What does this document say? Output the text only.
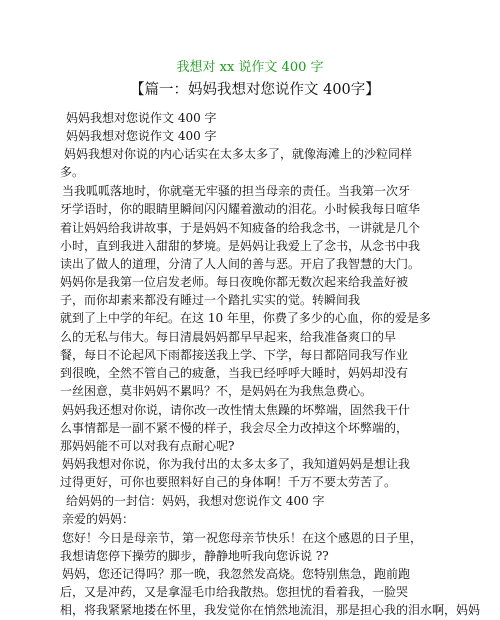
我想对 xx 说作文 400 字
【篇一：妈妈我想对您说作文 400字】
妈妈我想对您说作文 400 字
妈妈我想对您说作文 400 字
妈妈我想对你说的内心话实在太多太多了，就像海滩上的沙粒同样
多。
当我呱呱落地时，你就毫无牢骚的担当母亲的责任。当我第一次牙
牙学语时，你的眼睛里瞬间闪闪耀着激动的泪花。小时候我每日喧华
着让妈妈给我讲故事，于是妈妈不知疲备的给我念书，一讲就是几个
小时，直到我进入甜甜的梦境。是妈妈让我爱上了念书，从念书中我
读出了做人的道理，分清了人人间的善与恶。开启了我智慧的大门。
妈妈你是我第一位启发老师。每日夜晚你都无数次起来给我盖好被
子，而你却素来都没有睡过一个踏扎实实的觉。转瞬间我
就到了上中学的年纪。在这 10 年里，你费了多少的心血，你的爱是多
么的无私与伟大。每日清晨妈妈都早早起来，给我准备爽口的早
餐，每日不论起风下雨都接送我上学、下学，每日都陪同我写作业
到很晚，全然不管自己的疲惫，当我已经呼呼大睡时，妈妈却没有
一丝困意，莫非妈妈不累吗？不，是妈妈在为我焦急费心。
妈妈我还想对你说，请你改一改性情太焦躁的坏弊端，固然我干什
么事情都是一副不紧不慢的样子，我会尽全力改掉这个坏弊端的，
那妈妈能不可以对我有点耐心呢?
妈妈我想对你说，你为我付出的太多太多了，我知道妈妈是想让我
过得更好，可你也要照料好自己的身体啊！千万不要太劳苦了。
给妈妈的一封信：妈妈，我想对您说作文 400 字
亲爱的妈妈：
您好！今日是母亲节，第一祝您母亲节快乐！在这个感恩的日子里，
我想请您停下操劳的脚步，静静地听我向您诉说 ??
妈妈，您还记得吗？那一晚，我忽然发高烧。您特别焦急，跑前跑
后，又是冲药，又是拿湿毛巾给我散热。您担忧的看着我，一脸哭
相，将我紧紧地搂在怀里，我发觉你在悄然地流泪，那是担心我的泪水啊，妈妈
